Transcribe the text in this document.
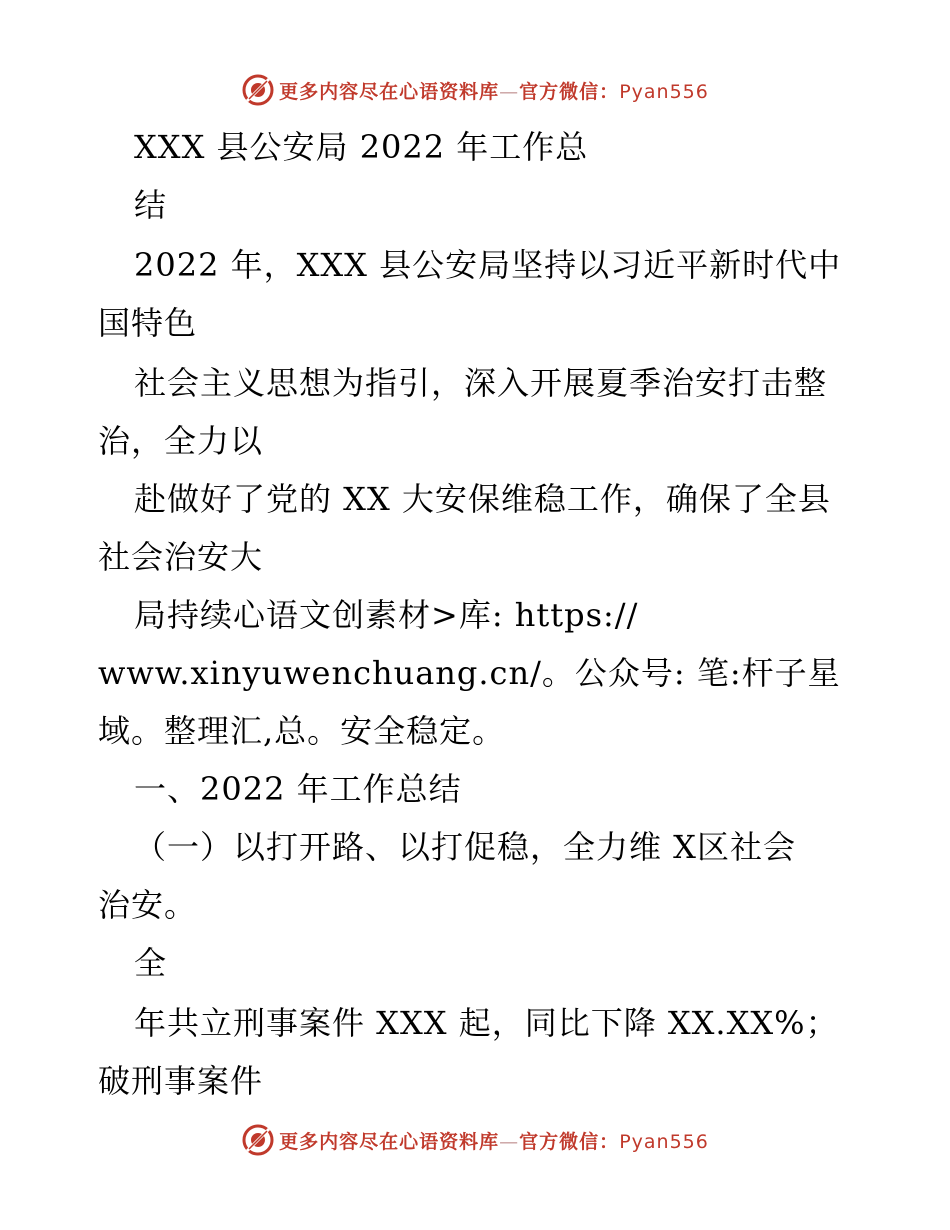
更多内容尽在心语资料库—官方微信：Pyan556
XXX 县公安局 2022 年工作总
结
2022 年，XXX 县公安局坚持以习近平新时代中
国特色
社会主义思想为指引，深入开展夏季治安打击整
治，全力以
赴做好了党的 XX 大安保维稳工作，确保了全县
社会治安大
局持续心语文创素材>库: https://
www.xinyuwenchuang.cn/。公众号: 笔:杆子星
域。整理汇,总。安全稳定。
一、2022 年工作总结
（一）以打开路、以打促稳，全力维 X区社会
治安。
全
年共立刑事案件 XXX 起，同比下降 XX.XX%；
破刑事案件
更多内容尽在心语资料库—官方微信：Pyan556
